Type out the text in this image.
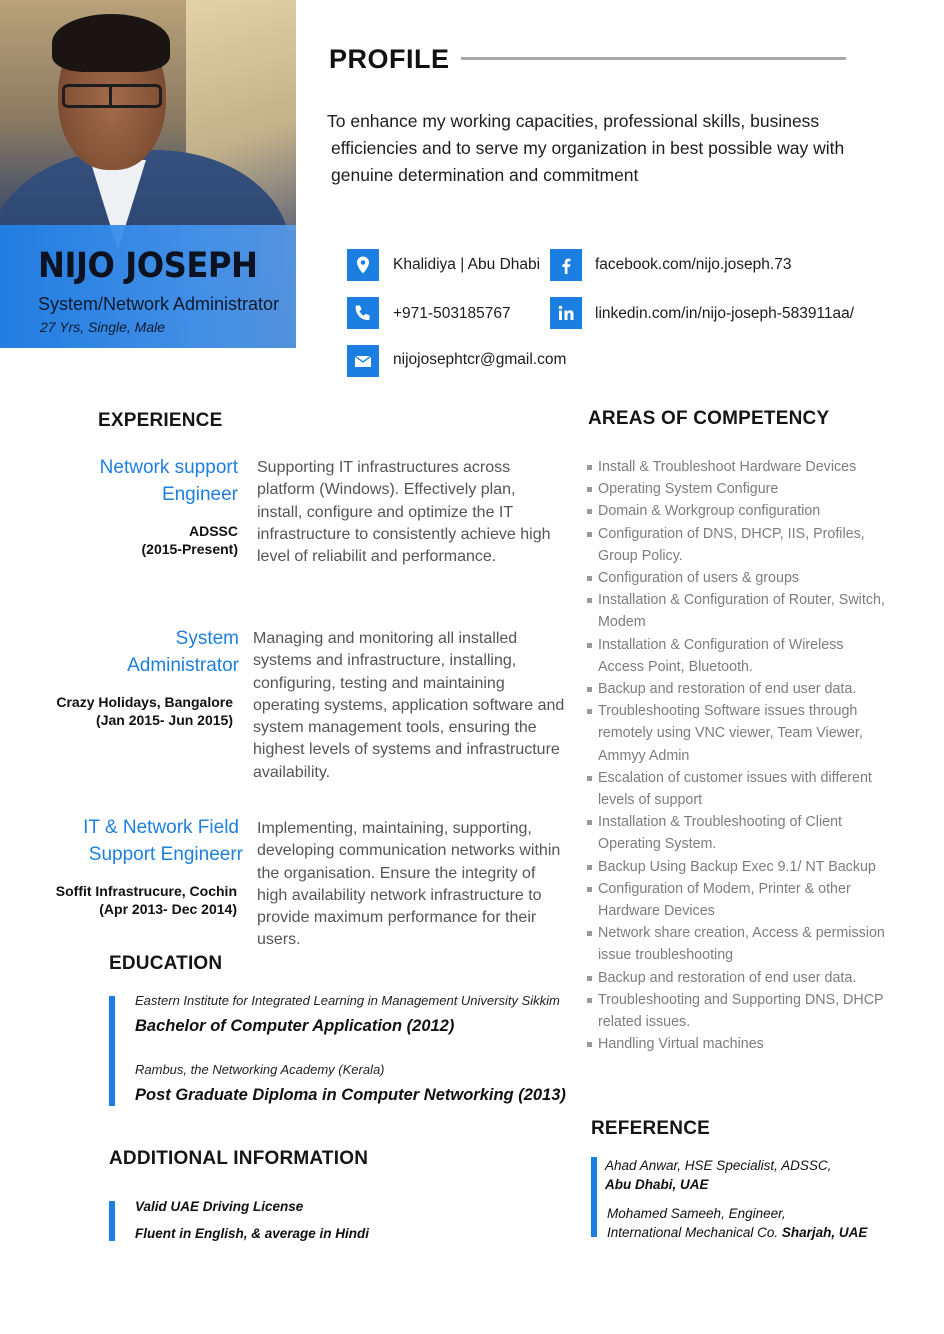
NIJO JOSEPH
System/Network Administrator
27 Yrs, Single, Male
PROFILE
To enhance my working capacities, professional skills, business
efficiencies and to serve my organization in best possible way with
genuine determination and commitment
Khalidiya | Abu Dhabi
+971-503185767
nijojosephtcr@gmail.com
facebook.com/nijo.joseph.73
linkedin.com/in/nijo-joseph-583911aa/
EXPERIENCE
Network support
Engineer
ADSSC
(2015-Present)
Supporting IT infrastructures across platform (Windows). Effectively plan, install, configure and optimize the IT infrastructure to consistently achieve high level of reliabilit and performance.
System
Administrator
Crazy Holidays, Bangalore
(Jan 2015- Jun 2015)
Managing and monitoring all installed systems and infrastructure, installing, configuring, testing and maintaining operating systems, application software and system management tools, ensuring the highest levels of systems and infrastructure availability.
IT & Network Field
Support Engineerr
Soffit Infrastrucure, Cochin
(Apr 2013- Dec 2014)
Implementing, maintaining, supporting, developing communication networks within the organisation. Ensure the integrity of high availability network infrastructure to provide maximum performance for their users.
AREAS OF COMPETENCY
Install & Troubleshoot Hardware Devices
Operating System Configure
Domain & Workgroup configuration
Configuration of DNS, DHCP, IIS, Profiles, Group Policy.
Configuration of users & groups
Installation & Configuration of Router, Switch, Modem
Installation & Configuration of Wireless Access Point, Bluetooth.
Backup and restoration of end user data.
Troubleshooting Software issues through remotely using VNC viewer, Team Viewer, Ammyy Admin
Escalation of customer issues with different levels of support
Installation & Troubleshooting of Client Operating System.
Backup Using Backup Exec 9.1/ NT Backup
Configuration of Modem, Printer & other Hardware Devices
Network share creation, Access & permission issue troubleshooting
Backup and restoration of end user data.
Troubleshooting and Supporting DNS, DHCP related issues.
Handling Virtual machines
EDUCATION
Eastern Institute for Integrated Learning in Management University Sikkim
Bachelor of Computer Application (2012)
Rambus, the Networking Academy (Kerala)
Post Graduate Diploma in Computer Networking (2013)
ADDITIONAL INFORMATION
Valid UAE Driving License
Fluent in English, & average in Hindi
REFERENCE
Ahad Anwar, HSE Specialist, ADSSC,
Abu Dhabi, UAE
Mohamed Sameeh, Engineer,
International Mechanical Co. Sharjah, UAE
